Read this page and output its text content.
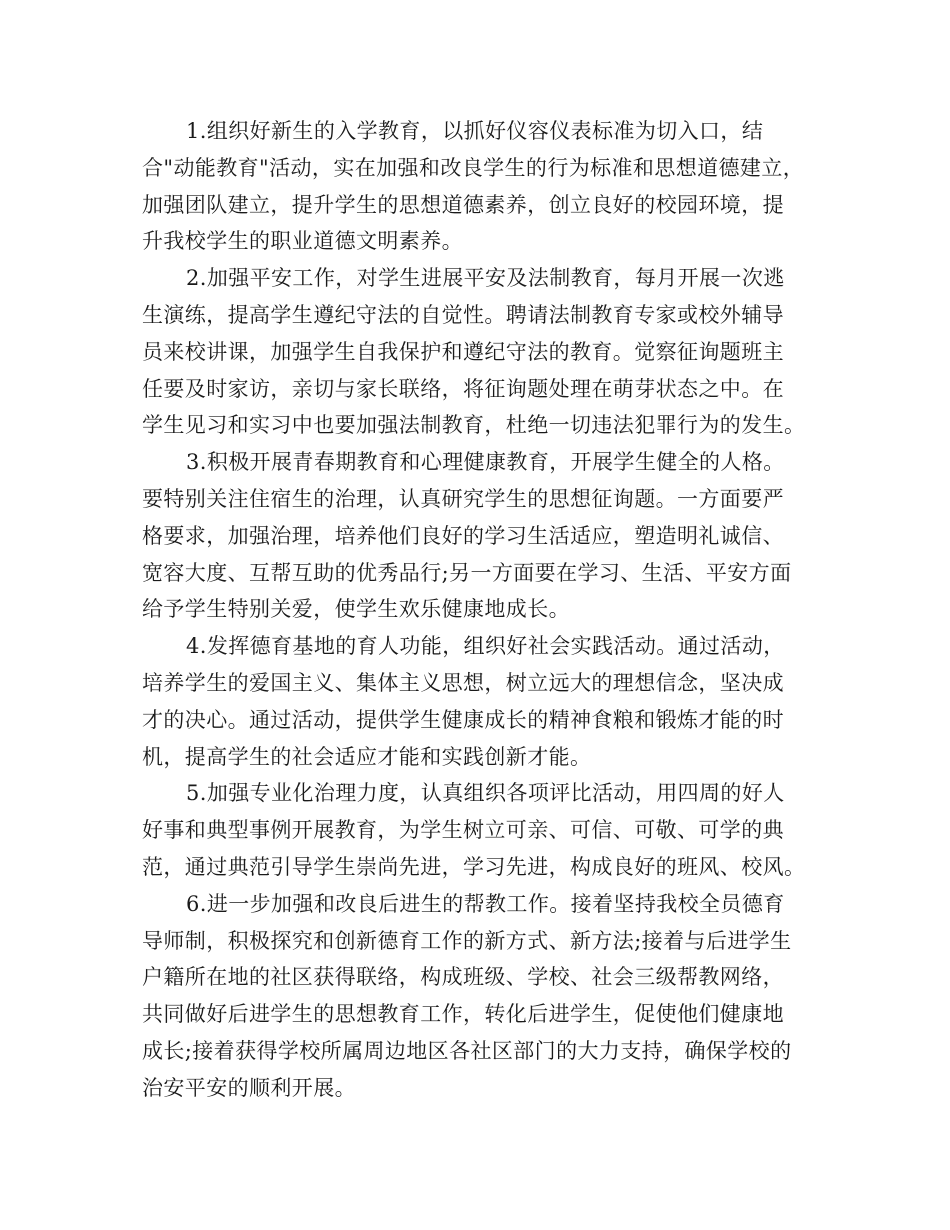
1.组织好新生的入学教育，以抓好仪容仪表标准为切入口，结
合"动能教育"活动，实在加强和改良学生的行为标准和思想道德建立，
加强团队建立，提升学生的思想道德素养，创立良好的校园环境，提
升我校学生的职业道德文明素养。
2.加强平安工作，对学生进展平安及法制教育，每月开展一次逃
生演练，提高学生遵纪守法的自觉性。聘请法制教育专家或校外辅导
员来校讲课，加强学生自我保护和遵纪守法的教育。觉察征询题班主
任要及时家访，亲切与家长联络，将征询题处理在萌芽状态之中。在
学生见习和实习中也要加强法制教育，杜绝一切违法犯罪行为的发生。
3.积极开展青春期教育和心理健康教育，开展学生健全的人格。
要特别关注住宿生的治理，认真研究学生的思想征询题。一方面要严
格要求，加强治理，培养他们良好的学习生活适应，塑造明礼诚信、
宽容大度、互帮互助的优秀品行;另一方面要在学习、生活、平安方面
给予学生特别关爱，使学生欢乐健康地成长。
4.发挥德育基地的育人功能，组织好社会实践活动。通过活动，
培养学生的爱国主义、集体主义思想，树立远大的理想信念，坚决成
才的决心。通过活动，提供学生健康成长的精神食粮和锻炼才能的时
机，提高学生的社会适应才能和实践创新才能。
5.加强专业化治理力度，认真组织各项评比活动，用四周的好人
好事和典型事例开展教育，为学生树立可亲、可信、可敬、可学的典
范，通过典范引导学生崇尚先进，学习先进，构成良好的班风、校风。
6.进一步加强和改良后进生的帮教工作。接着坚持我校全员德育
导师制，积极探究和创新德育工作的新方式、新方法;接着与后进学生
户籍所在地的社区获得联络，构成班级、学校、社会三级帮教网络，
共同做好后进学生的思想教育工作，转化后进学生，促使他们健康地
成长;接着获得学校所属周边地区各社区部门的大力支持，确保学校的
治安平安的顺利开展。
